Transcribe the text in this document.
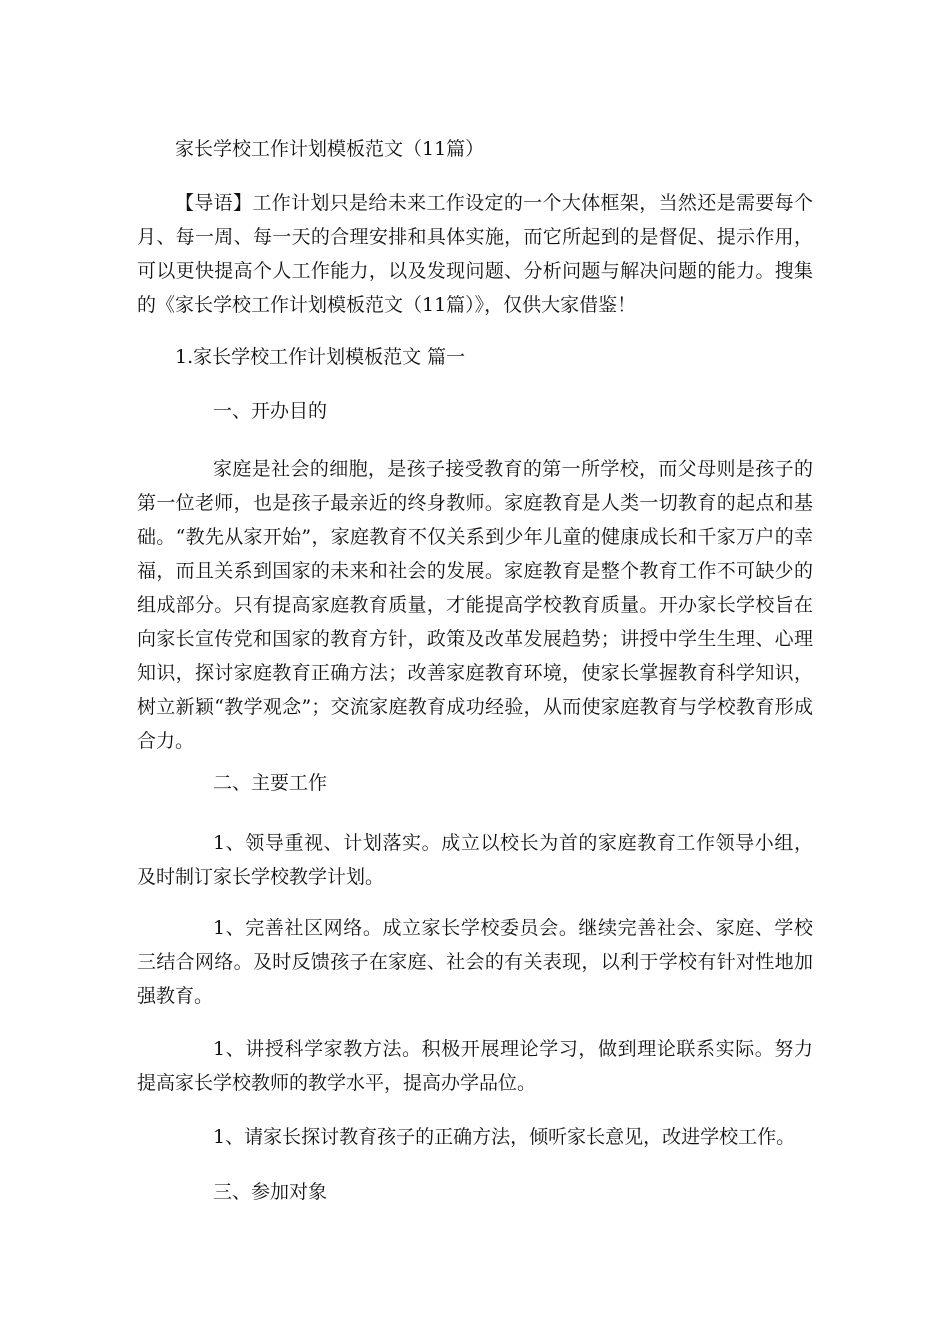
家长学校工作计划模板范文（11篇）

【导语】工作计划只是给未来工作设定的一个大体框架，当然还是需要每个月、每一周、每一天的合理安排和具体实施，而它所起到的是督促、提示作用，可以更快提高个人工作能力，以及发现问题、分析问题与解决问题的能力。搜集的《家长学校工作计划模板范文（11篇）》，仅供大家借鉴！

1.家长学校工作计划模板范文 篇一
一、开办目的

家庭是社会的细胞，是孩子接受教育的第一所学校，而父母则是孩子的第一位老师，也是孩子最亲近的终身教师。家庭教育是人类一切教育的起点和基础。“教先从家开始”，家庭教育不仅关系到少年儿童的健康成长和千家万户的幸福，而且关系到国家的未来和社会的发展。家庭教育是整个教育工作不可缺少的组成部分。只有提高家庭教育质量，才能提高学校教育质量。开办家长学校旨在向家长宣传党和国家的教育方针，政策及改革发展趋势；讲授中学生生理、心理知识，探讨家庭教育正确方法；改善家庭教育环境，使家长掌握教育科学知识，树立新颖“教学观念”；交流家庭教育成功经验，从而使家庭教育与学校教育形成合力。

二、主要工作

1、领导重视、计划落实。成立以校长为首的家庭教育工作领导小组，及时制订家长学校教学计划。

1、完善社区网络。成立家长学校委员会。继续完善社会、家庭、学校三结合网络。及时反馈孩子在家庭、社会的有关表现，以利于学校有针对性地加强教育。

1、讲授科学家教方法。积极开展理论学习，做到理论联系实际。努力提高家长学校教师的教学水平，提高办学品位。

1、请家长探讨教育孩子的正确方法，倾听家长意见，改进学校工作。

三、参加对象
